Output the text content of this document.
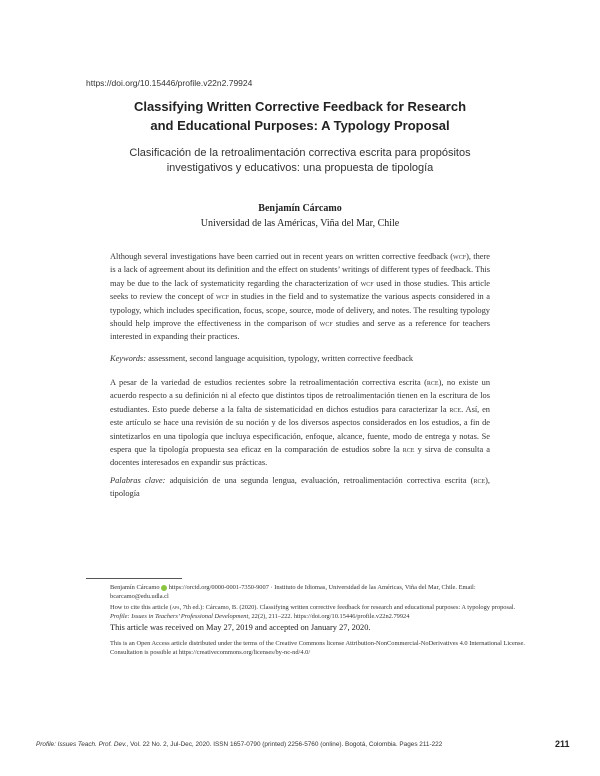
https://doi.org/10.15446/profile.v22n2.79924
Classifying Written Corrective Feedback for Research
and Educational Purposes: A Typology Proposal
Clasificación de la retroalimentación correctiva escrita para propósitos
investigativos y educativos: una propuesta de tipología
Benjamín Cárcamo
Universidad de las Américas, Viña del Mar, Chile
Although several investigations have been carried out in recent years on written corrective feedback (wcf), there is a lack of agreement about its definition and the effect on students’ writings of different types of feedback. This may be due to the lack of systematicity regarding the characterization of wcf used in those studies. This article seeks to review the concept of wcf in studies in the field and to systematize the various aspects considered in a typology, which includes specification, focus, scope, source, mode of delivery, and notes. The resulting typology should help improve the effectiveness in the comparison of wcf studies and serve as a reference for teachers interested in expanding their practices.
Keywords: assessment, second language acquisition, typology, written corrective feedback
A pesar de la variedad de estudios recientes sobre la retroalimentación correctiva escrita (rce), no existe un acuerdo respecto a su definición ni al efecto que distintos tipos de retroalimentación tienen en la escritura de los estudiantes. Esto puede deberse a la falta de sistematicidad en dichos estudios para caracterizar la rce. Así, en este artículo se hace una revisión de su noción y de los diversos aspectos considerados en los estudios, a fin de sintetizarlos en una tipología que incluya especificación, enfoque, alcance, fuente, modo de entrega y notas. Se espera que la tipología propuesta sea eficaz en la comparación de estudios sobre la rce y sirva de consulta a docentes interesados en expandir sus prácticas.
Palabras clave: adquisición de una segunda lengua, evaluación, retroalimentación correctiva escrita (rce), tipología
Benjamín Cárcamo  https://orcid.org/0000-0001-7350-9007 · Instituto de Idiomas, Universidad de las Américas, Viña del Mar, Chile. Email: bcarcamo@edu.udla.cl
How to cite this article (apa, 7th ed.): Cárcamo, B. (2020). Classifying written corrective feedback for research and educational purposes: A typology proposal. Profile: Issues in Teachers’ Professional Development, 22(2), 211–222. https://doi.org/10.15446/profile.v22n2.79924
This article was received on May 27, 2019 and accepted on January 27, 2020.
This is an Open Access article distributed under the terms of the Creative Commons license Attribution-NonCommercial-NoDerivatives 4.0 International License. Consultation is possible at https://creativecommons.org/licenses/by-nc-nd/4.0/
Profile: Issues Teach. Prof. Dev., Vol. 22 No. 2, Jul-Dec, 2020. ISSN 1657-0790 (printed) 2256-5760 (online). Bogotá, Colombia. Pages 211-222	211
